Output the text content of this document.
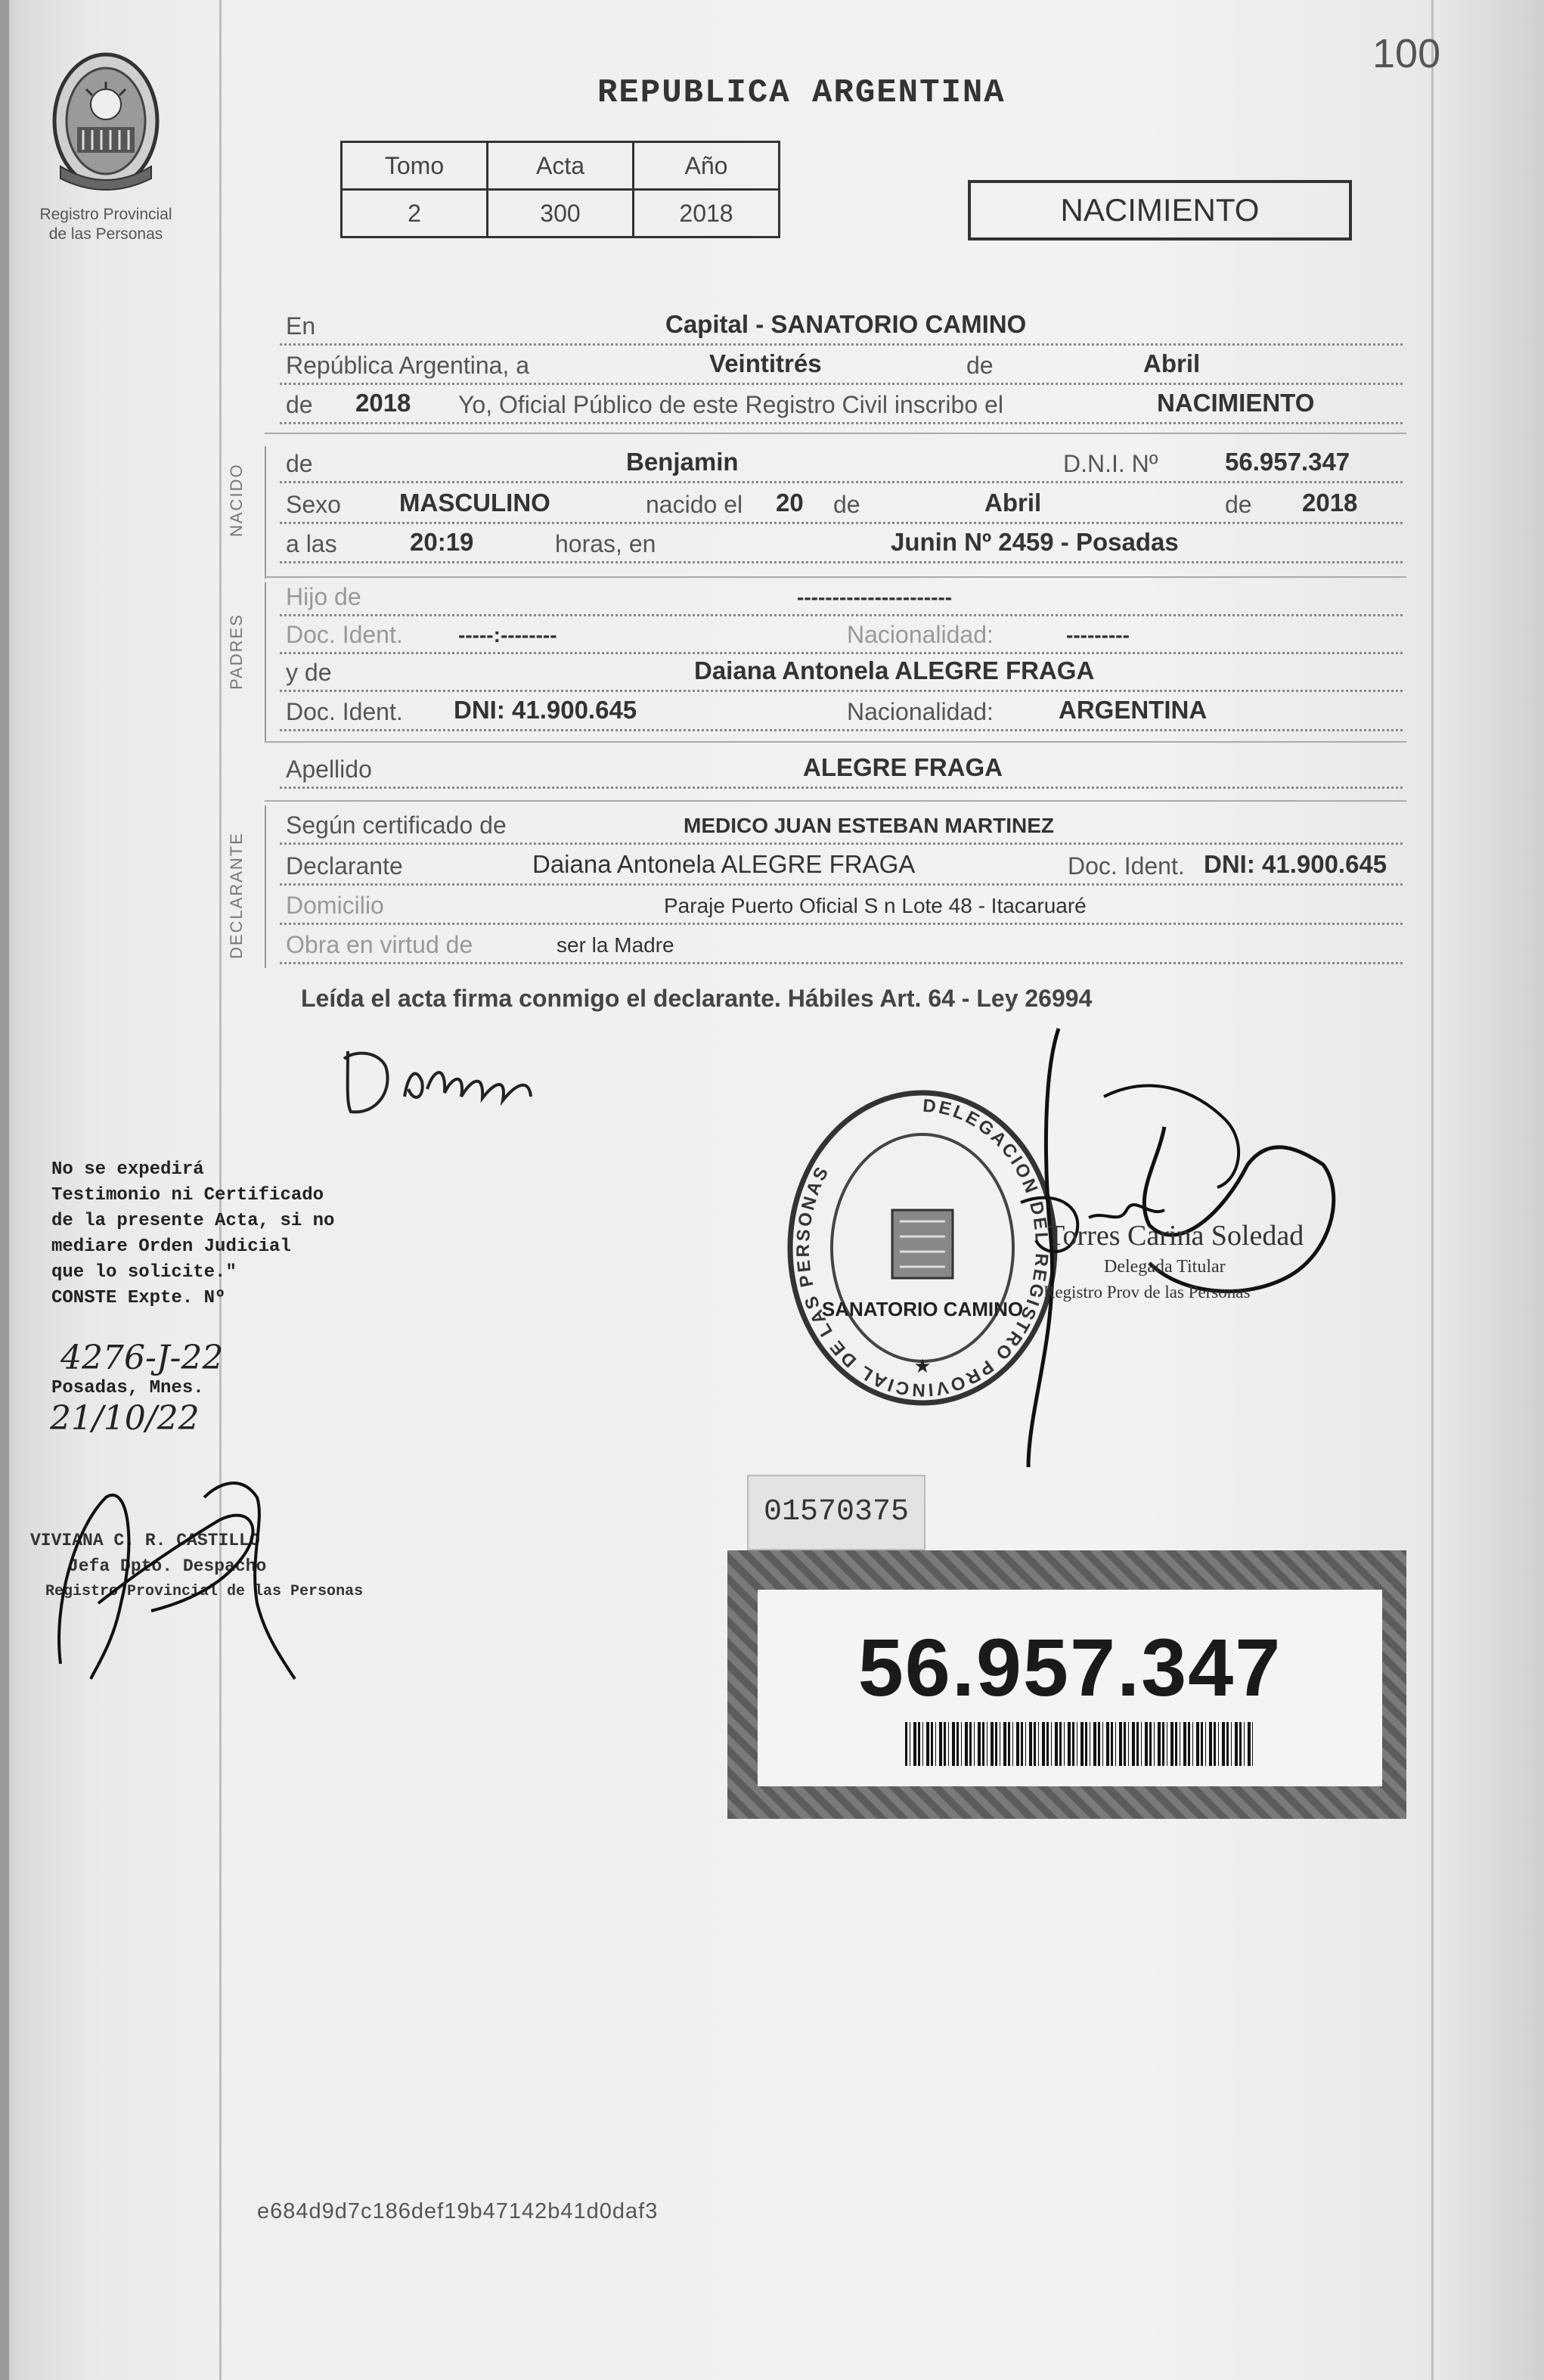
100
Registro Provincial
de las Personas
REPUBLICA ARGENTINA
Tomo	Acta	Año
2	300	2018	NACIMIENTO
NACIDO
PADRES
DECLARANTE
En	Capital - SANATORIO CAMINO
República Argentina, a	Veintitrés	de	Abril
de 2018 Yo, Oficial Público de este Registro Civil inscribo el	NACIMIENTO
de	Benjamin	D.N.I. Nº	56.957.347
Sexo MASCULINO	nacido el 20 de	Abril	de 2018
a las	20:19	horas, en	Junin Nº 2459 - Posadas
Hijo de	----------------------
Doc. Ident.	-----:--------	Nacionalidad:	---------
y de	Daiana Antonela ALEGRE FRAGA
Doc. Ident. DNI: 41.900.645	Nacionalidad:	ARGENTINA
Apellido	ALEGRE FRAGA
Según certificado de	MEDICO JUAN ESTEBAN MARTINEZ
Declarante	Daiana Antonela ALEGRE FRAGA	Doc. Ident. DNI: 41.900.645
Domicilio	Paraje Puerto Oficial S n Lote 48 - Itacaruaré
Obra en virtud de	ser la Madre
Leída el acta firma conmigo el declarante. Hábiles Art. 64 - Ley 26994
DELEGACION DEL REGISTRO PROVINCIAL DE LAS PERSONAS
SANATORIO CAMINO
★
Torres Carina Soledad
Delegada Titular
Registro Prov de las Personas
No se expedirá
Testimonio ni Certificado
de la presente Acta, si no
mediare Orden Judicial
que lo solicite."
CONSTE Expte. Nº
4276-J-22
Posadas, Mnes.
21/10/22
VIVIANA C. R. CASTILLO
Jefa Dpto. Despacho
Registro Provincial de las Personas
01570375
56.957.347
e684d9d7c186def19b47142b41d0daf3
